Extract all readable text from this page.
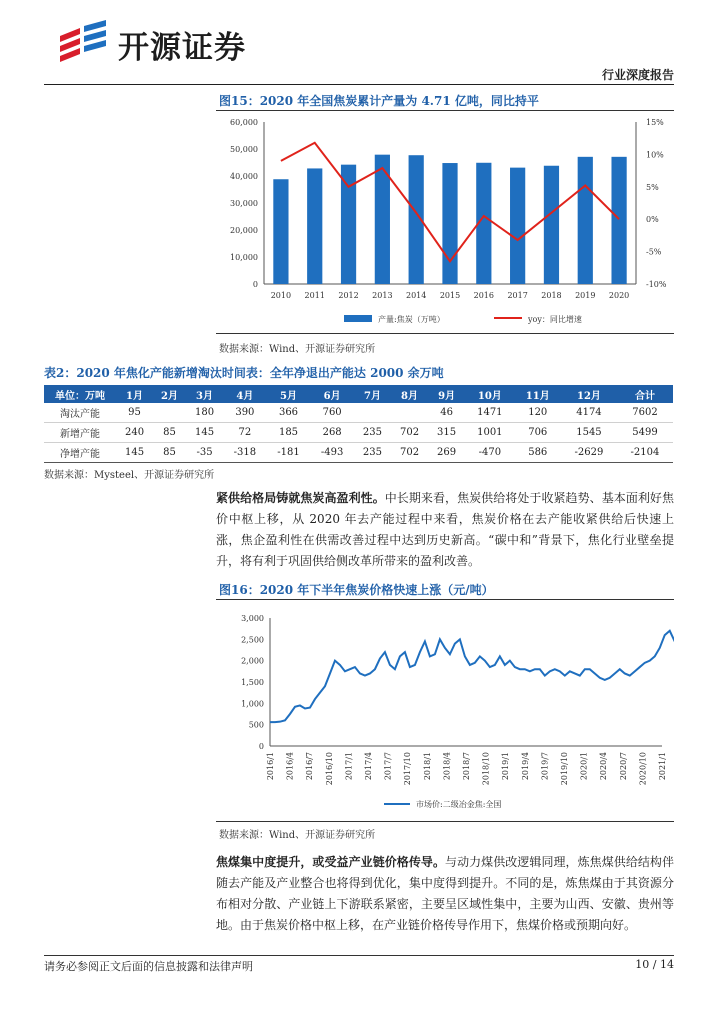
开源证券
行业深度报告
图15：2020 年全国焦炭累计产量为 4.71 亿吨，同比持平
0
10,000
20,000
30,000
40,000
50,000
60,000
-10%
-5%
0%
5%
10%
15%
2010 2011 2012 2013 2014 2015 2016 2017 2018 2019 2020
产量:焦炭（万吨）	yoy：同比增速
数据来源：Wind、开源证券研究所
表2：2020 年焦化产能新增淘汰时间表：全年净退出产能达 2000 余万吨
单位：万吨	1月	2月	3月	4月	5月	6月	7月	8月	9月	10月	11月	12月	合计
淘汰产能	95		180	390	366	760			46	1471	120	4174	7602
新增产能	240	85	145	72	185	268	235	702	315	1001	706	1545	5499
净增产能	145	85	-35	-318	-181	-493	235	702	269	-470	586	-2629	-2104
数据来源：Mysteel、开源证券研究所
紧供给格局铸就焦炭高盈利性。中长期来看，焦炭供给将处于收紧趋势、基本面利好焦价中枢上移，从 2020 年去产能过程中来看，焦炭价格在去产能收紧供给后快速上涨，焦企盈利性在供需改善过程中达到历史新高。“碳中和”背景下，焦化行业壁垒提升，将有利于巩固供给侧改革所带来的盈利改善。
图16：2020 年下半年焦炭价格快速上涨（元/吨）
0
500
1,000
1,500
2,000
2,500
3,000
2016/1 2016/4 2016/7 2016/10 2017/1 2017/4 2017/7 2017/10 2018/1 2018/4 2018/7 2018/10 2019/1 2019/4 2019/7 2019/10 2020/1 2020/4 2020/7 2020/10 2021/1
市场价:二级冶金焦:全国
数据来源：Wind、开源证券研究所
焦煤集中度提升，或受益产业链价格传导。与动力煤供改逻辑同理，炼焦煤供给结构伴随去产能及产业整合也将得到优化，集中度得到提升。不同的是，炼焦煤由于其资源分布相对分散、产业链上下游联系紧密，主要呈区域性集中，主要为山西、安徽、贵州等地。由于焦炭价格中枢上移，在产业链价格传导作用下，焦煤价格或预期向好。
请务必参阅正文后面的信息披露和法律声明	10 / 14
